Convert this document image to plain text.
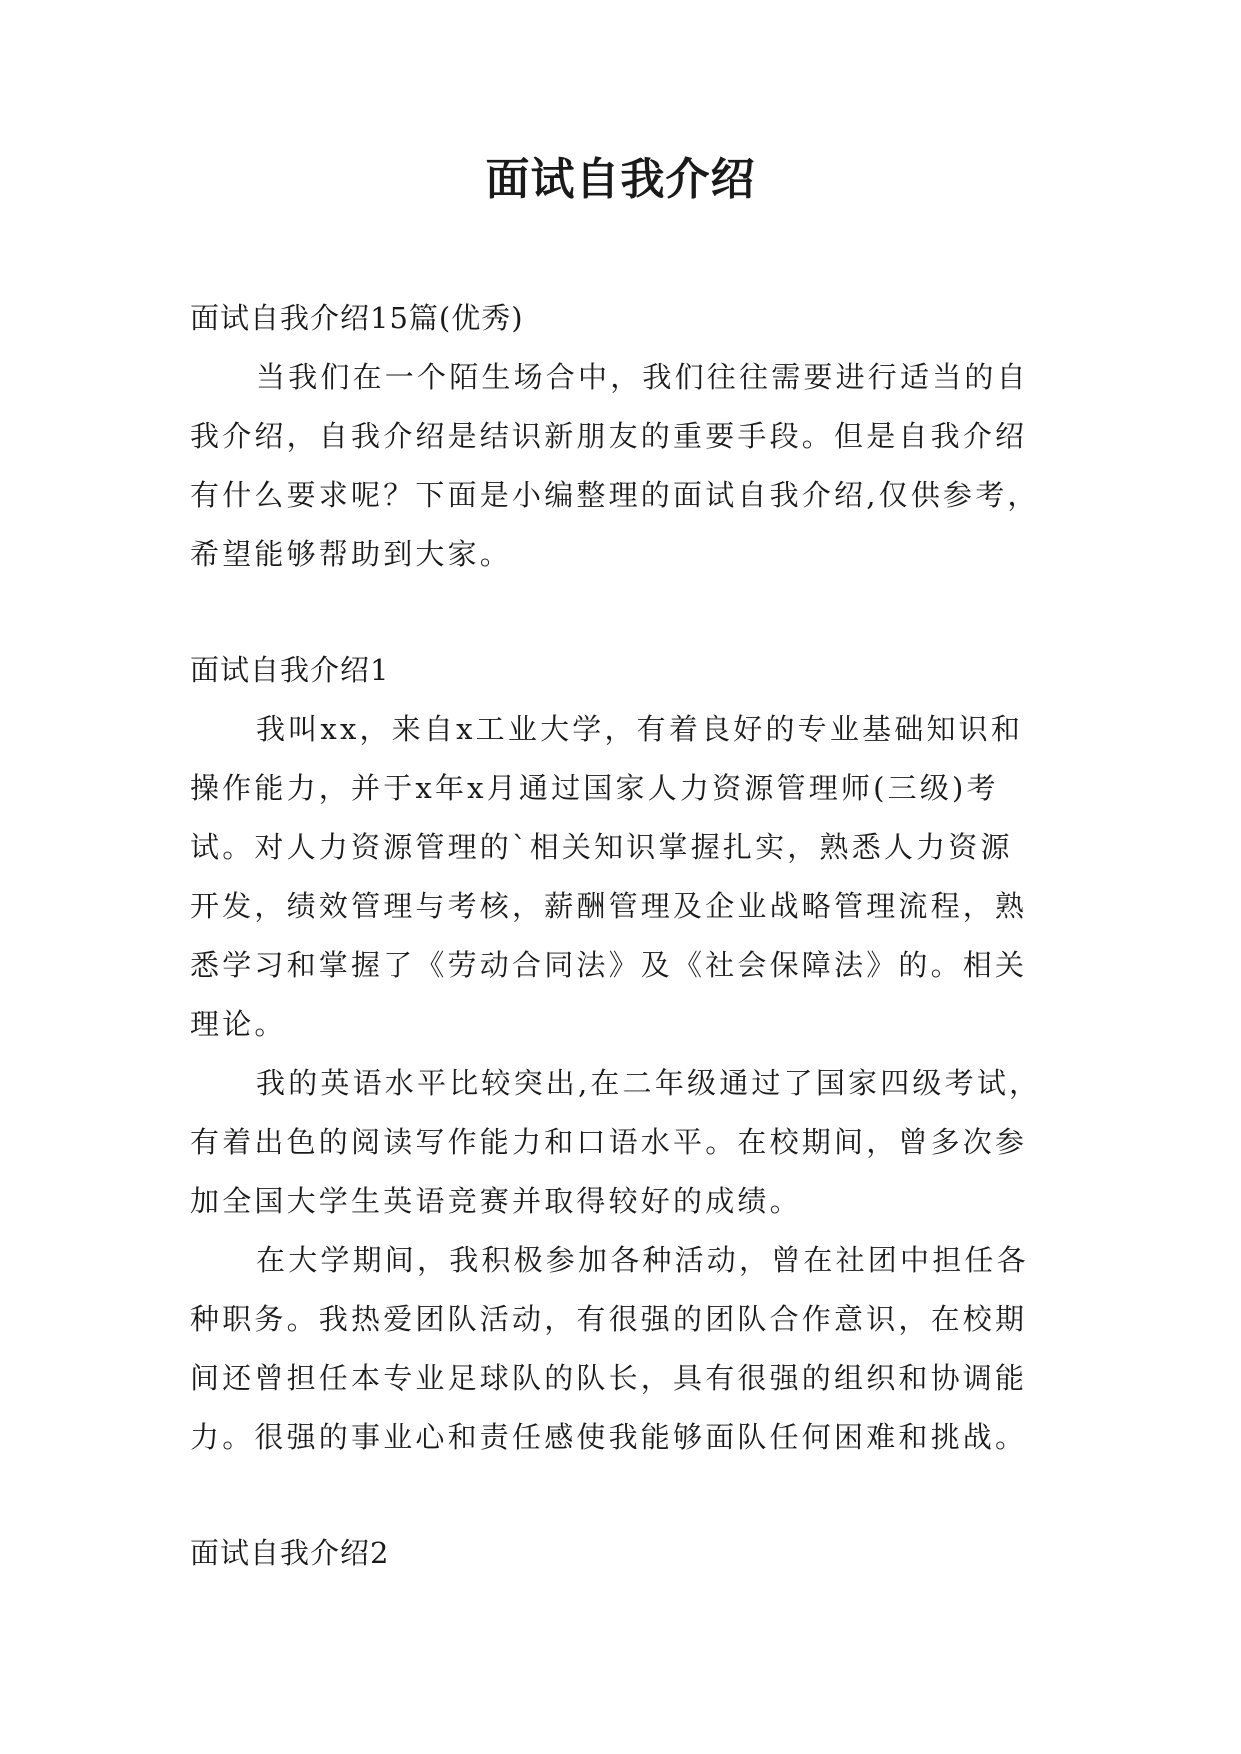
面试自我介绍
面试自我介绍15篇(优秀)
当我们在一个陌生场合中，我们往往需要进行适当的自
我介绍，自我介绍是结识新朋友的重要手段。但是自我介绍
有什么要求呢？下面是小编整理的面试自我介绍,仅供参考，
希望能够帮助到大家。
面试自我介绍1
我叫xx，来自x工业大学，有着良好的专业基础知识和
操作能力，并于x年x月通过国家人力资源管理师(三级)考
试。对人力资源管理的`相关知识掌握扎实，熟悉人力资源
开发，绩效管理与考核，薪酬管理及企业战略管理流程，熟
悉学习和掌握了《劳动合同法》及《社会保障法》的。相关
理论。
我的英语水平比较突出,在二年级通过了国家四级考试，
有着出色的阅读写作能力和口语水平。在校期间，曾多次参
加全国大学生英语竞赛并取得较好的成绩。
在大学期间，我积极参加各种活动，曾在社团中担任各
种职务。我热爱团队活动，有很强的团队合作意识，在校期
间还曾担任本专业足球队的队长，具有很强的组织和协调能
力。很强的事业心和责任感使我能够面队任何困难和挑战。
面试自我介绍2
